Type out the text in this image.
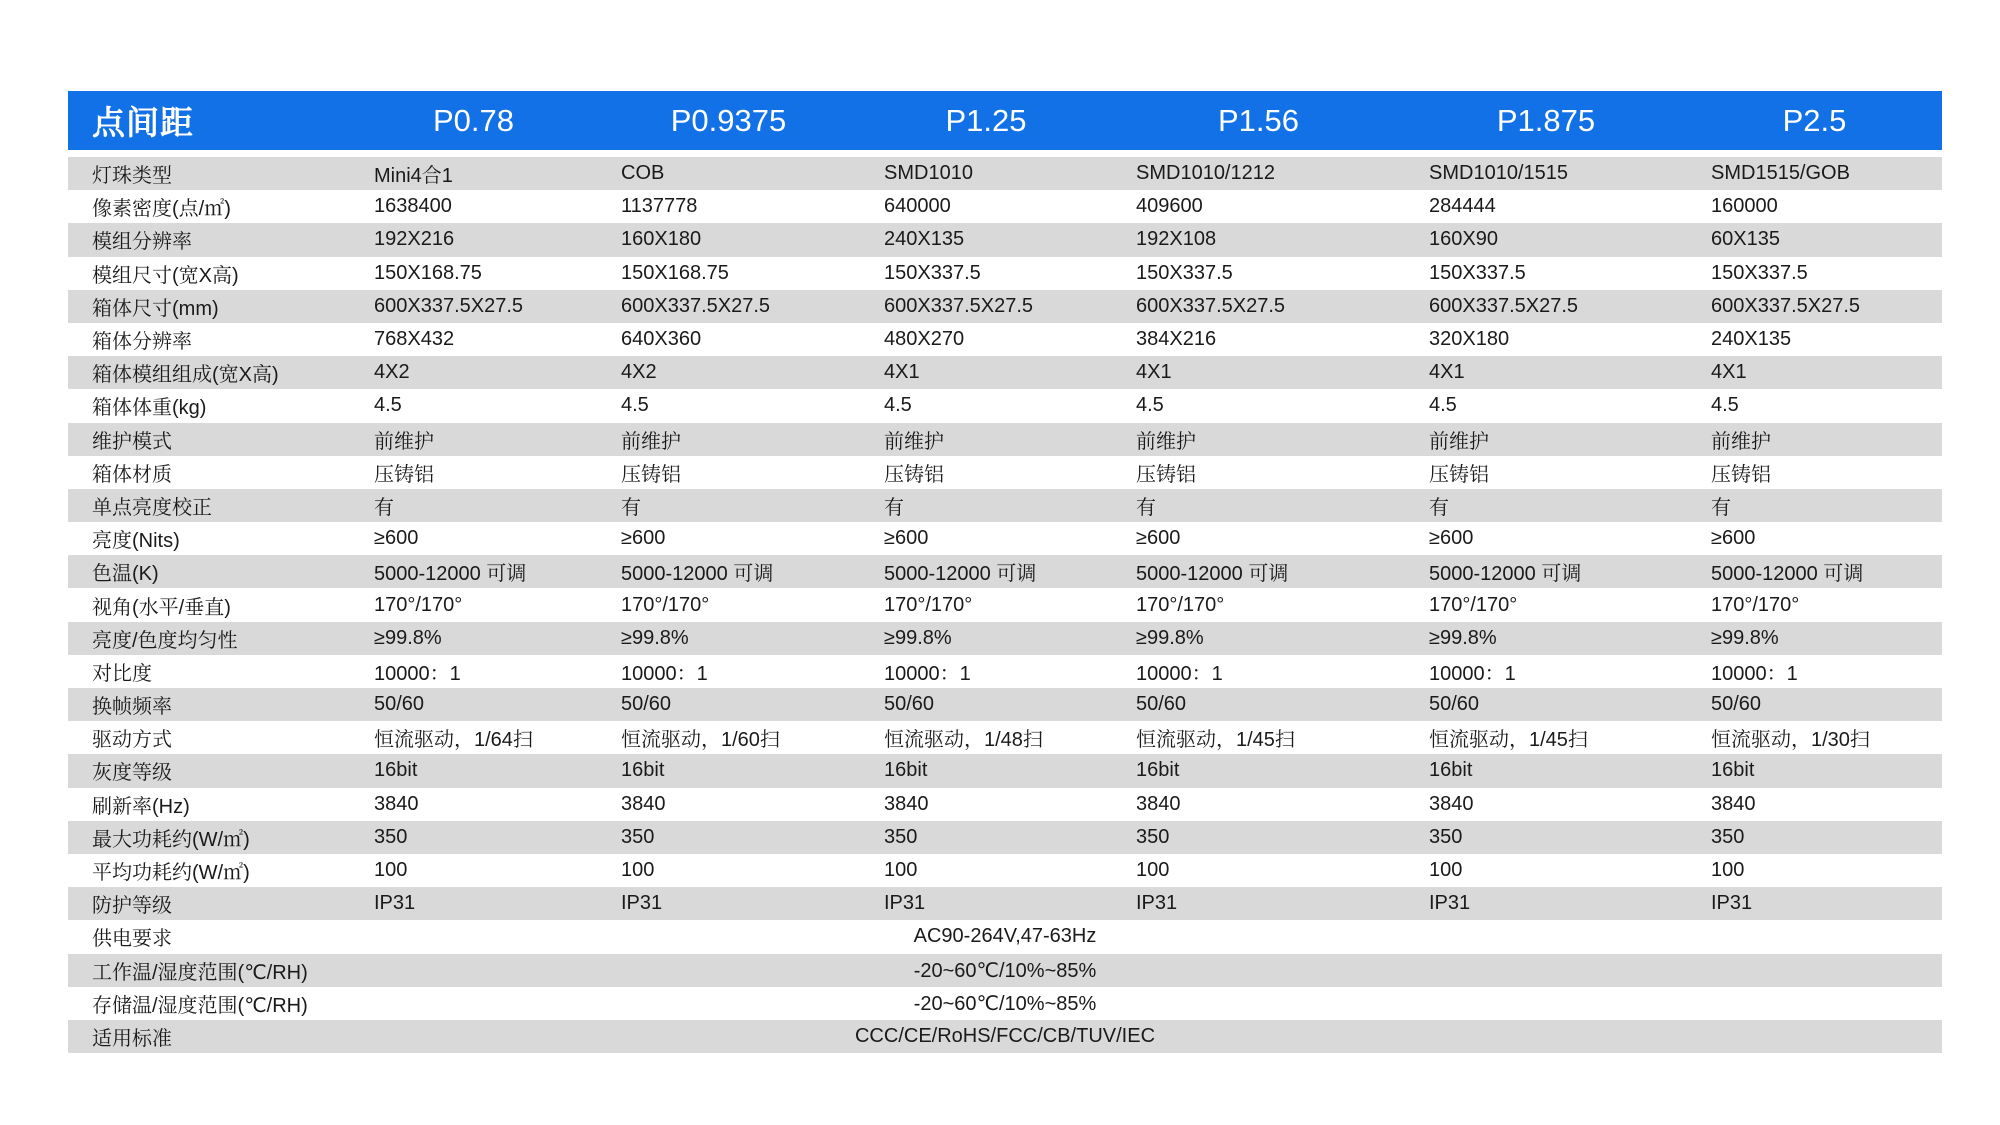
点间距	P0.78	P0.9375	P1.25	P1.56	P1.875	P2.5
灯珠类型	Mini4合1	COB	SMD1010	SMD1010/1212	SMD1010/1515	SMD1515/GOB
像素密度(点/㎡)	1638400	1137778	640000	409600	284444	160000
模组分辨率	192X216	160X180	240X135	192X108	160X90	60X135
模组尺寸(宽X高)	150X168.75	150X168.75	150X337.5	150X337.5	150X337.5	150X337.5
箱体尺寸(mm)	600X337.5X27.5	600X337.5X27.5	600X337.5X27.5	600X337.5X27.5	600X337.5X27.5	600X337.5X27.5
箱体分辨率	768X432	640X360	480X270	384X216	320X180	240X135
箱体模组组成(宽X高)	4X2	4X2	4X1	4X1	4X1	4X1
箱体体重(kg)	4.5	4.5	4.5	4.5	4.5	4.5
维护模式	前维护	前维护	前维护	前维护	前维护	前维护
箱体材质	压铸铝	压铸铝	压铸铝	压铸铝	压铸铝	压铸铝
单点亮度校正	有	有	有	有	有	有
亮度(Nits)	≥600	≥600	≥600	≥600	≥600	≥600
色温(K)	5000-12000 可调	5000-12000 可调	5000-12000 可调	5000-12000 可调	5000-12000 可调	5000-12000 可调
视角(水平/垂直)	170°/170°	170°/170°	170°/170°	170°/170°	170°/170°	170°/170°
亮度/色度均匀性	≥99.8%	≥99.8%	≥99.8%	≥99.8%	≥99.8%	≥99.8%
对比度	10000：1	10000：1	10000：1	10000：1	10000：1	10000：1
换帧频率	50/60	50/60	50/60	50/60	50/60	50/60
驱动方式	恒流驱动，1/64扫	恒流驱动，1/60扫	恒流驱动，1/48扫	恒流驱动，1/45扫	恒流驱动，1/45扫	恒流驱动，1/30扫
灰度等级	16bit	16bit	16bit	16bit	16bit	16bit
刷新率(Hz)	3840	3840	3840	3840	3840	3840
最大功耗约(W/㎡)	350	350	350	350	350	350
平均功耗约(W/㎡)	100	100	100	100	100	100
防护等级	IP31	IP31	IP31	IP31	IP31	IP31
供电要求	AC90-264V,47-63Hz
工作温/湿度范围(℃/RH)	-20~60℃/10%~85%
存储温/湿度范围(℃/RH)	-20~60℃/10%~85%
适用标准	CCC/CE/RoHS/FCC/CB/TUV/IEC
